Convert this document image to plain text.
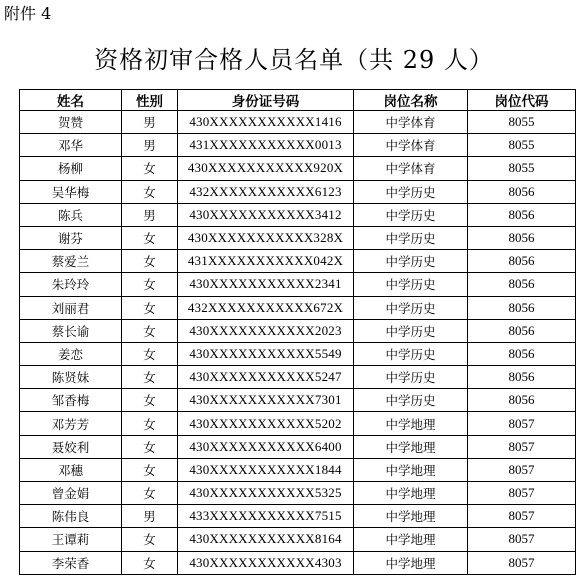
附件 4
资格初审合格人员名单（共 29 人）
姓名	性别	身份证号码	岗位名称	岗位代码
贺赞	男	430XXXXXXXXXXX1416	中学体育	8055
邓华	男	431XXXXXXXXXXX0013	中学体育	8055
杨柳	女	430XXXXXXXXXXX920X	中学体育	8055
吴华梅	女	432XXXXXXXXXXX6123	中学历史	8056
陈兵	男	430XXXXXXXXXXX3412	中学历史	8056
谢芬	女	430XXXXXXXXXXX328X	中学历史	8056
蔡爱兰	女	431XXXXXXXXXXX042X	中学历史	8056
朱玲玲	女	430XXXXXXXXXXX2341	中学历史	8056
刘丽君	女	432XXXXXXXXXXX672X	中学历史	8056
蔡长谕	女	430XXXXXXXXXXX2023	中学历史	8056
姜恋	女	430XXXXXXXXXXX5549	中学历史	8056
陈贤妹	女	430XXXXXXXXXXX5247	中学历史	8056
邹香梅	女	430XXXXXXXXXXX7301	中学历史	8056
邓芳芳	女	430XXXXXXXXXXX5202	中学地理	8057
聂姣利	女	430XXXXXXXXXXX6400	中学地理	8057
邓穗	女	430XXXXXXXXXXX1844	中学地理	8057
曾金娟	女	430XXXXXXXXXXX5325	中学地理	8057
陈伟良	男	433XXXXXXXXXXX7515	中学地理	8057
王谭莉	女	430XXXXXXXXXXX8164	中学地理	8057
李荣香	女	430XXXXXXXXXXX4303	中学地理	8057
